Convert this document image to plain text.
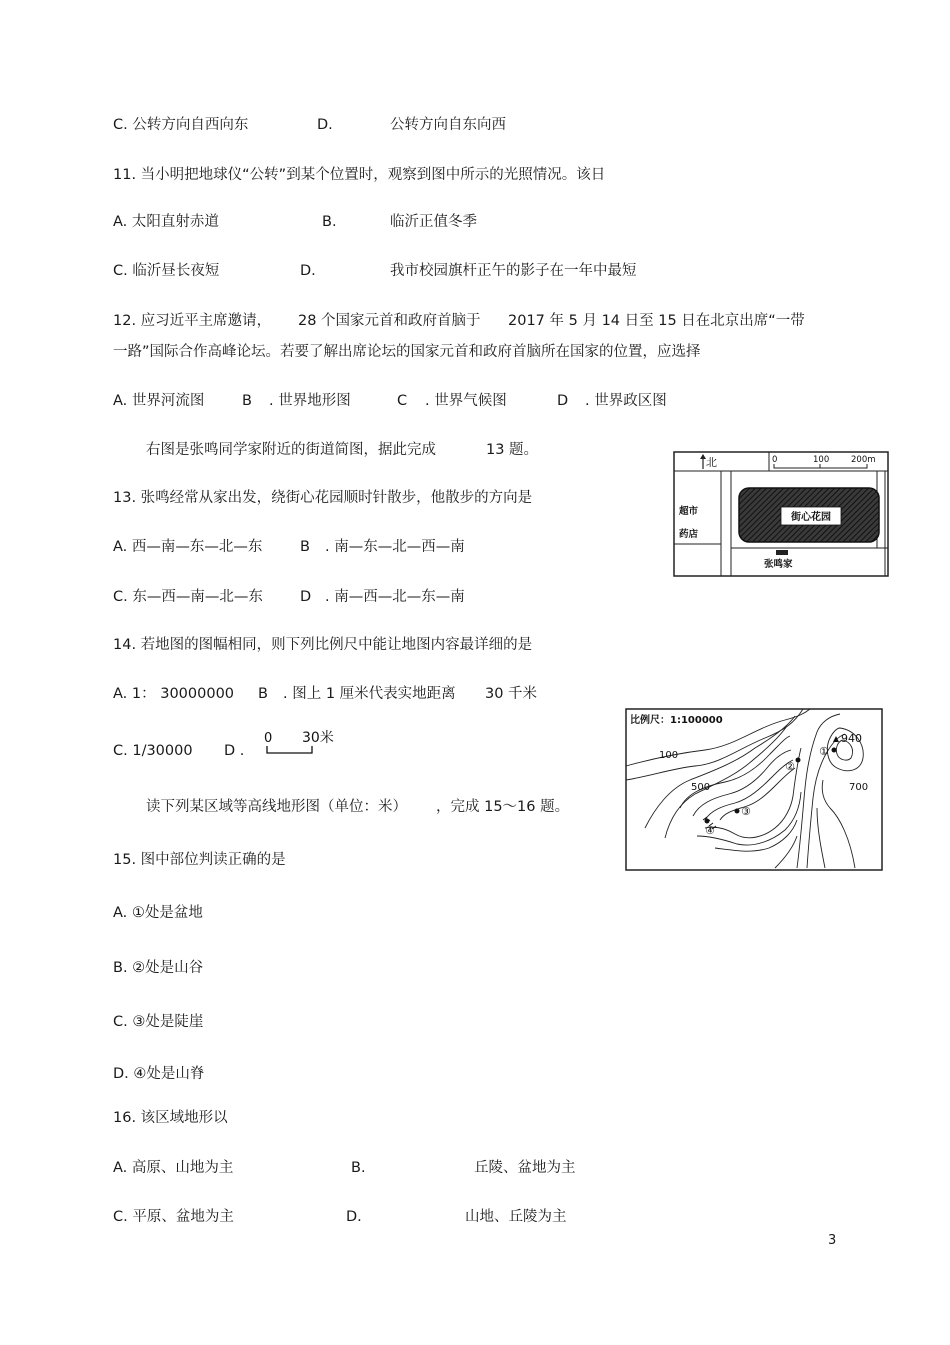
C. 公转方向自西向东	D.	公转方向自东向西
11. 当小明把地球仪“公转”到某个位置时，观察到图中所示的光照情况。该日
A. 太阳直射赤道	B.	临沂正值冬季
C. 临沂昼长夜短	D.	我市校园旗杆正午的影子在一年中最短
12. 应习近平主席邀请， 28 个国家元首和政府首脑于 2017 年 5 月 14 日至 15 日在北京出席“一带
一路”国际合作高峰论坛。若要了解出席论坛的国家元首和政府首脑所在国家的位置，应选择
A. 世界河流图	B . 世界地形图	C . 世界气候图	D . 世界政区图
右图是张鸣同学家附近的街道简图，据此完成	13 题。
13. 张鸣经常从家出发，绕街心花园顺时针散步，他散步的方向是
A. 西—南—东—北—东	B . 南—东—北—西—南
C. 东—西—南—北—东	D . 南—西—北—东—南
14. 若地图的图幅相同，则下列比例尺中能让地图内容最详细的是
A. 1： 30000000 B . 图上 1 厘米代表实地距离 30 千米
C. 1/30000 D .
0 30米
读下列某区域等高线地形图（单位：米） ，完成 15～16 题。
15. 图中部位判读正确的是
A. ①处是盆地
B. ②处是山谷
C. ③处是陡崖
D. ④处是山脊
16. 该区域地形以
A. 高原、山地为主	B.	丘陵、盆地为主
C. 平原、盆地为主	D.	山地、丘陵为主
3
北	0	100	200m
街心花园
超市
药店
张鸣家
比例尺：1:100000
100
500
940
700
①
②
③
④
